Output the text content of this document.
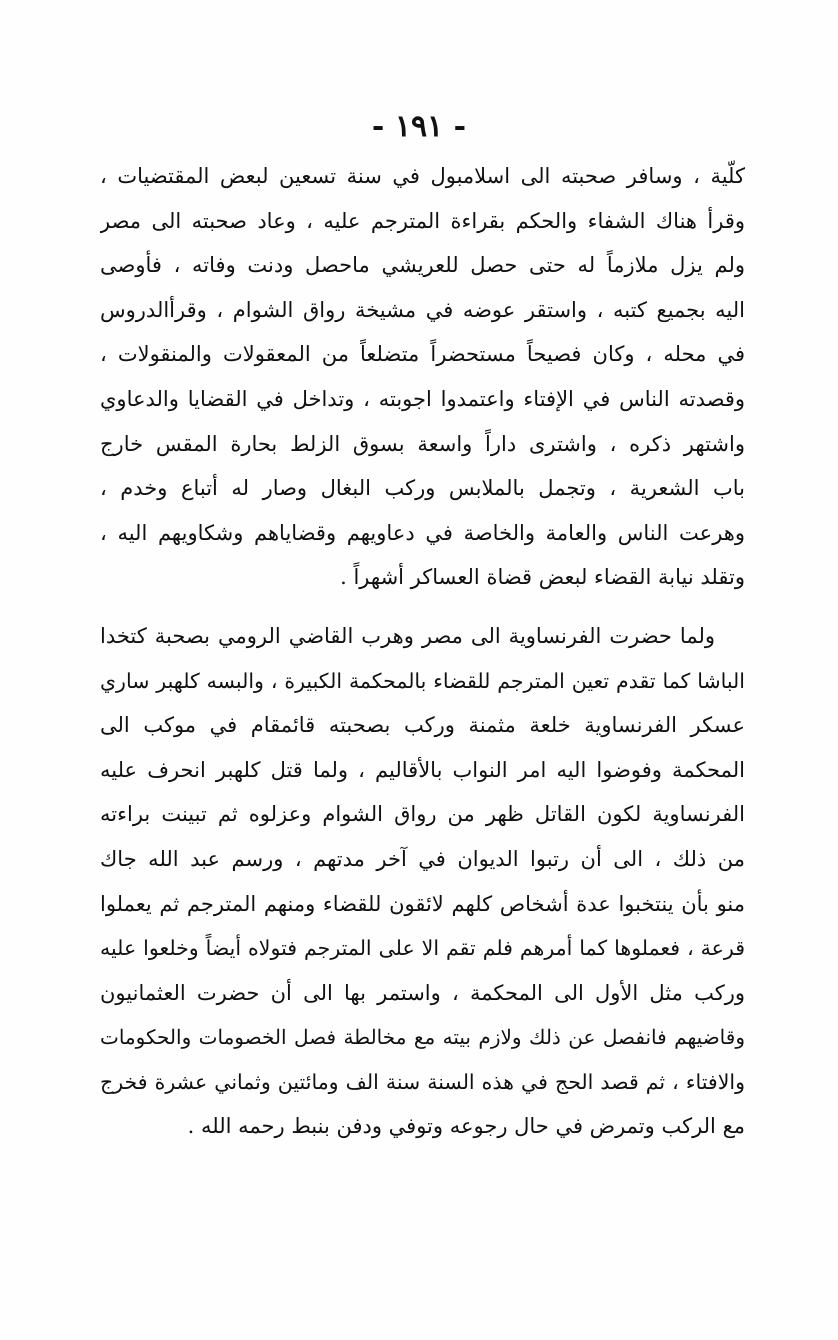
- ١٩١ -
كلّية ، وسافر صحبته الى اسلامبول في سنة تسعين لبعض المقتضيات ،
وقرأ هناك الشفاء والحكم بقراءة المترجم عليه ، وعاد صحبته الى مصر
ولم يزل ملازماً له حتى حصل للعريشي ماحصل ودنت وفاته ، فأوصى
اليه بجميع كتبه ، واستقر عوضه في مشيخة رواق الشوام ، وقرأالدروس
في محله ، وكان فصيحاً مستحضراً متضلعاً من المعقولات والمنقولات ،
وقصدته الناس في الإفتاء واعتمدوا اجوبته ، وتداخل في القضايا والدعاوي
واشتهر ذكره ، واشترى داراً واسعة بسوق الزلط بحارة المقس خارج
باب الشعرية ، وتجمل بالملابس وركب البغال وصار له أتباع وخدم ،
وهرعت الناس والعامة والخاصة في دعاويهم وقضاياهم وشكاويهم اليه ،
وتقلد نيابة القضاء لبعض قضاة العساكر أشهراً .
ولما حضرت الفرنساوية الى مصر وهرب القاضي الرومي بصحبة كتخدا
الباشا كما تقدم تعين المترجم للقضاء بالمحكمة الكبيرة ، والبسه كلهبر ساري
عسكر الفرنساوية خلعة مثمنة وركب بصحبته قائمقام في موكب الى
المحكمة وفوضوا اليه امر النواب بالأقاليم ، ولما قتل كلهبر انحرف عليه
الفرنساوية لكون القاتل ظهر من رواق الشوام وعزلوه ثم تبينت براءته
من ذلك ، الى أن رتبوا الديوان في آخر مدتهم ، ورسم عبد الله جاك
منو بأن ينتخبوا عدة أشخاص كلهم لائقون للقضاء ومنهم المترجم ثم يعملوا
قرعة ، فعملوها كما أمرهم فلم تقم الا على المترجم فتولاه أيضاً وخلعوا عليه
وركب مثل الأول الى المحكمة ، واستمر بها الى أن حضرت العثمانيون
وقاضيهم فانفصل عن ذلك ولازم بيته مع مخالطة فصل الخصومات والحكومات
والافتاء ، ثم قصد الحج في هذه السنة سنة الف ومائتين وثماني عشرة فخرج
مع الركب وتمرض في حال رجوعه وتوفي ودفن بنبط رحمه الله .
